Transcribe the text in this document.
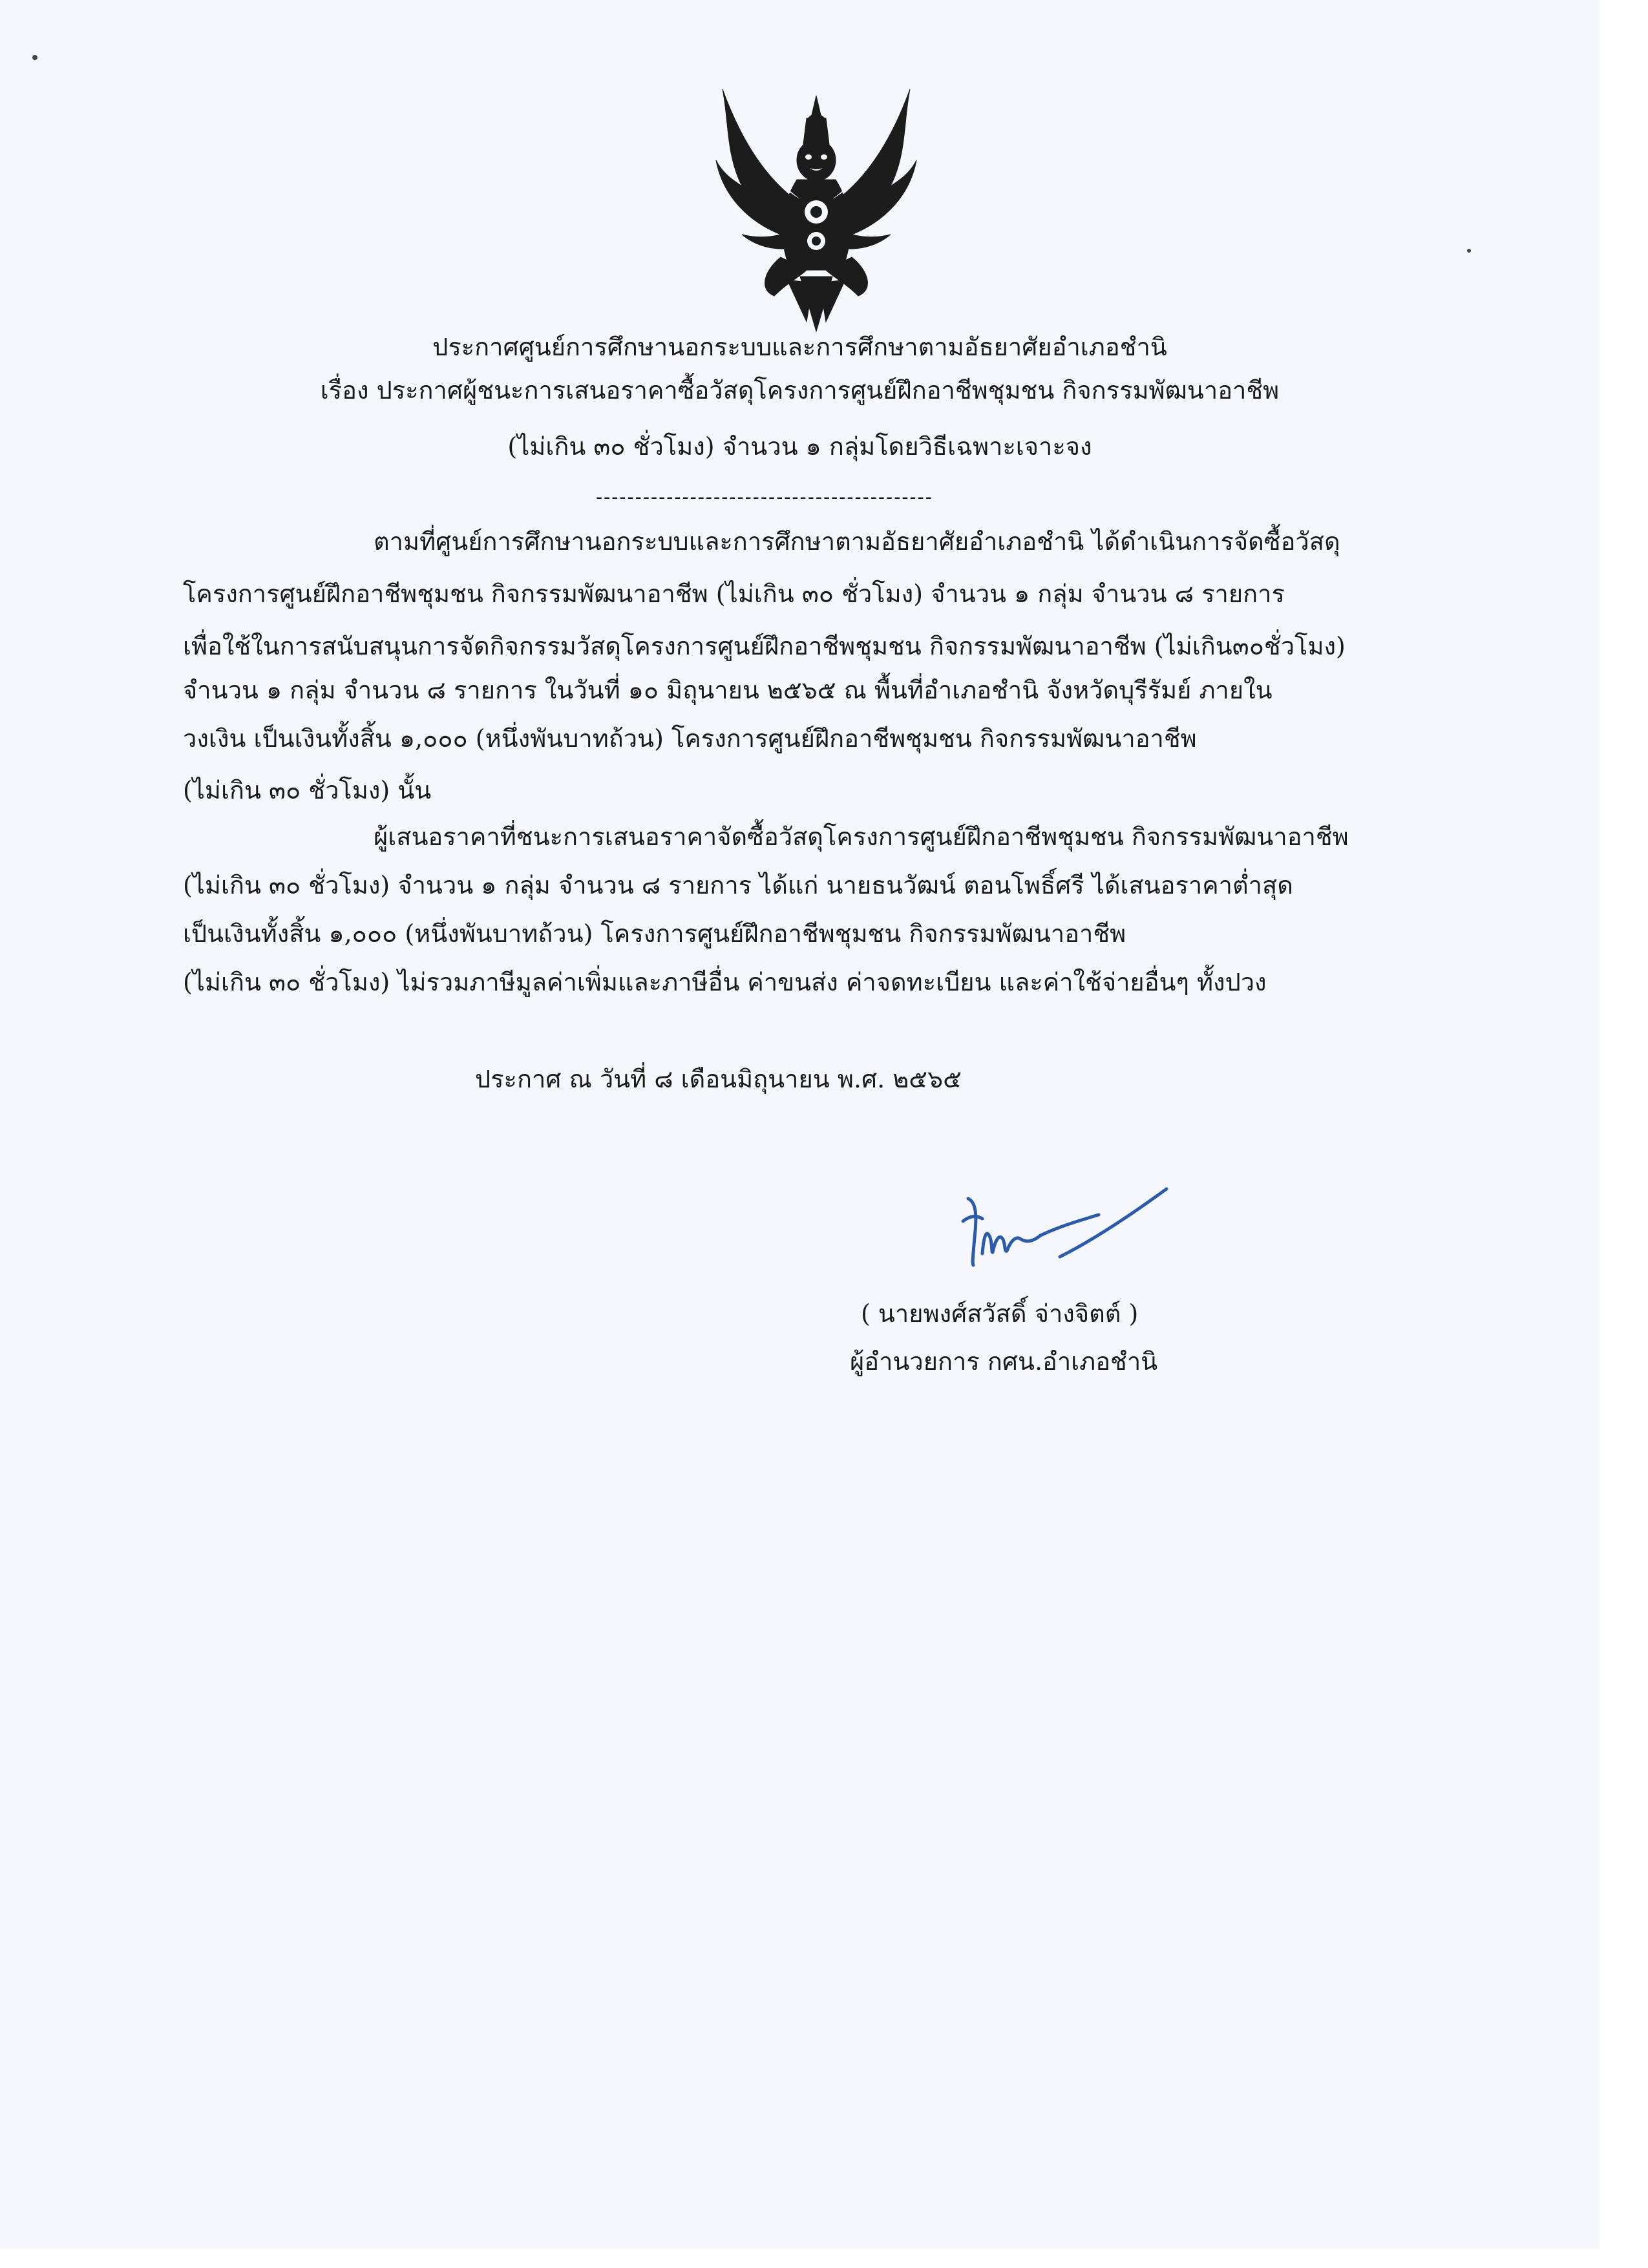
ประกาศศูนย์การศึกษานอกระบบและการศึกษาตามอัธยาศัยอำเภอชำนิ
เรื่อง ประกาศผู้ชนะการเสนอราคาซื้อวัสดุโครงการศูนย์ฝึกอาชีพชุมชน กิจกรรมพัฒนาอาชีพ
(ไม่เกิน ๓๐ ชั่วโมง) จำนวน ๑ กลุ่มโดยวิธีเฉพาะเจาะจง
-------------------------------------------
ตามที่ศูนย์การศึกษานอกระบบและการศึกษาตามอัธยาศัยอำเภอชำนิ ได้ดำเนินการจัดซื้อวัสดุ
โครงการศูนย์ฝึกอาชีพชุมชน กิจกรรมพัฒนาอาชีพ (ไม่เกิน ๓๐ ชั่วโมง) จำนวน ๑ กลุ่ม จำนวน ๘ รายการ
เพื่อใช้ในการสนับสนุนการจัดกิจกรรมวัสดุโครงการศูนย์ฝึกอาชีพชุมชน กิจกรรมพัฒนาอาชีพ (ไม่เกิน๓๐ชั่วโมง)
จำนวน ๑ กลุ่ม จำนวน ๘ รายการ ในวันที่ ๑๐ มิถุนายน ๒๕๖๕ ณ พื้นที่อำเภอชำนิ จังหวัดบุรีรัมย์ ภายใน
วงเงิน เป็นเงินทั้งสิ้น ๑,๐๐๐ (หนึ่งพันบาทถ้วน) โครงการศูนย์ฝึกอาชีพชุมชน กิจกรรมพัฒนาอาชีพ
(ไม่เกิน ๓๐ ชั่วโมง) นั้น
ผู้เสนอราคาที่ชนะการเสนอราคาจัดซื้อวัสดุโครงการศูนย์ฝึกอาชีพชุมชน กิจกรรมพัฒนาอาชีพ
(ไม่เกิน ๓๐ ชั่วโมง) จำนวน ๑ กลุ่ม จำนวน ๘ รายการ ได้แก่ นายธนวัฒน์ ตอนโพธิ์ศรี ได้เสนอราคาต่ำสุด
เป็นเงินทั้งสิ้น ๑,๐๐๐ (หนึ่งพันบาทถ้วน) โครงการศูนย์ฝึกอาชีพชุมชน กิจกรรมพัฒนาอาชีพ
(ไม่เกิน ๓๐ ชั่วโมง) ไม่รวมภาษีมูลค่าเพิ่มและภาษีอื่น ค่าขนส่ง ค่าจดทะเบียน และค่าใช้จ่ายอื่นๆ ทั้งปวง
ประกาศ ณ วันที่ ๘ เดือนมิถุนายน พ.ศ. ๒๕๖๕
( นายพงศ์สวัสดิ์ จ่างจิตต์ )
ผู้อำนวยการ กศน.อำเภอชำนิ
